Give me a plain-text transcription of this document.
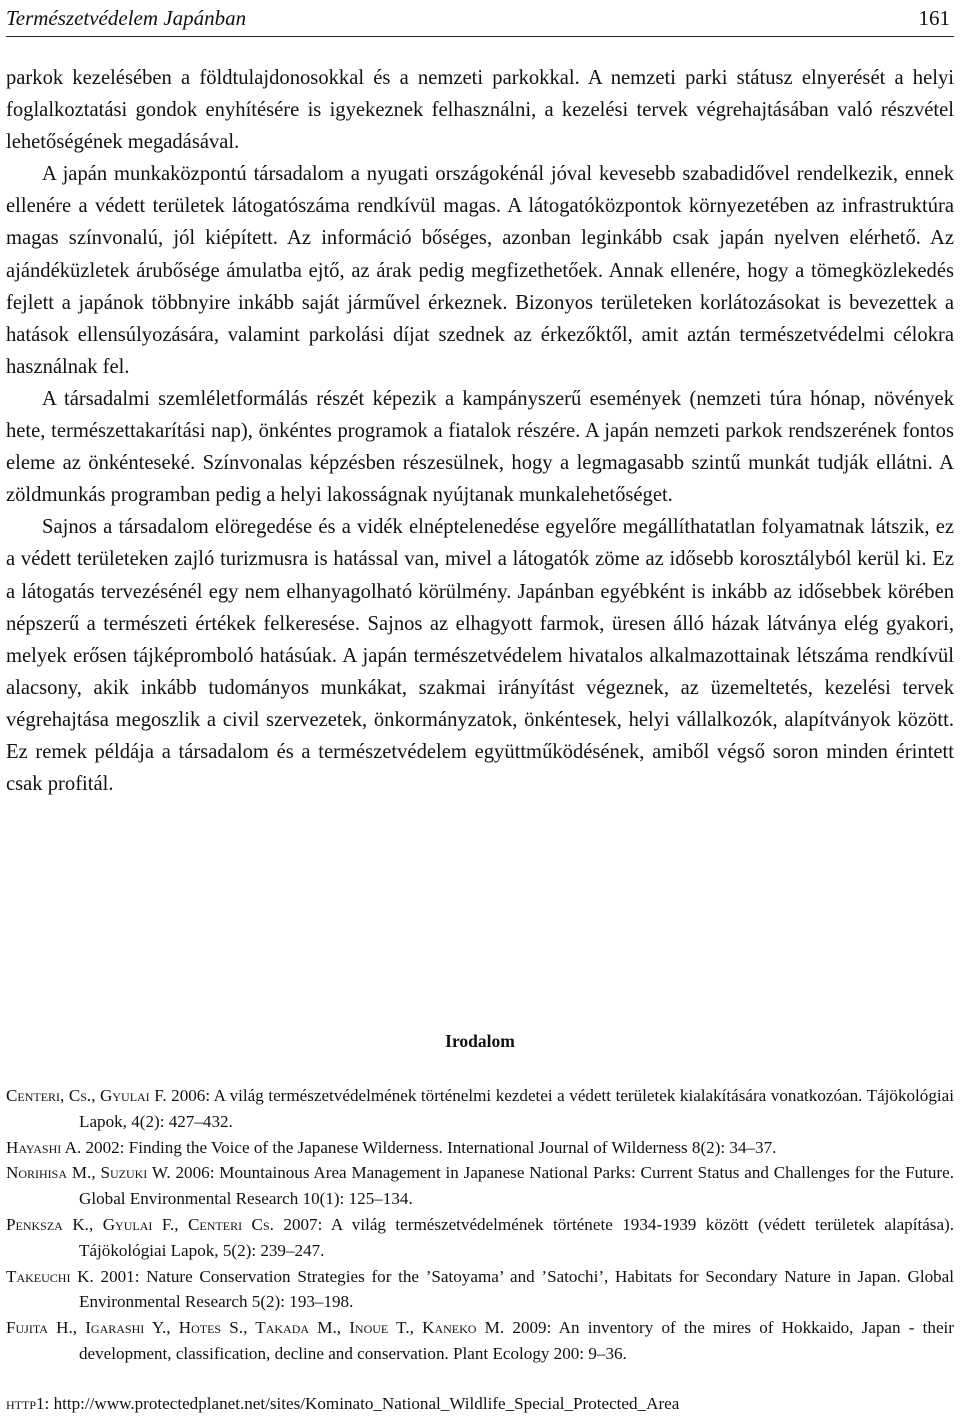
Természetvédelem Japánban	161

parkok kezelésében a földtulajdonosokkal és a nemzeti parkokkal. A nemzeti parki státusz elnyerését a helyi foglalkoztatási gondok enyhítésére is igyekeznek felhasználni, a kezelési tervek végrehajtásában való részvétel lehetőségének megadásával.

A japán munkaközpontú társadalom a nyugati országokénál jóval kevesebb szabadidővel rendelkezik, ennek ellenére a védett területek látogatószáma rendkívül magas. A látogatóközpontok környezetében az infrastruktúra magas színvonalú, jól kiépített. Az információ bőséges, azonban leginkább csak japán nyelven elérhető. Az ajándéküzletek árubősége ámulatba ejtő, az árak pedig megfizethetőek. Annak ellenére, hogy a tömegközlekedés fejlett a japánok többnyire inkább saját járművel érkeznek. Bizonyos területeken korlátozásokat is bevezettek a hatások ellensúlyozására, valamint parkolási díjat szednek az érkezőktől, amit aztán természetvédelmi célokra használnak fel.

A társadalmi szemléletformálás részét képezik a kampányszerű események (nemzeti túra hónap, növények hete, természettakarítási nap), önkéntes programok a fiatalok részére. A japán nemzeti parkok rendszerének fontos eleme az önkénteseké. Színvonalas képzésben részesülnek, hogy a legmagasabb szintű munkát tudják ellátni. A zöldmunkás programban pedig a helyi lakosságnak nyújtanak munkalehetőséget.

Sajnos a társadalom elöregedése és a vidék elnéptelenedése egyelőre megállíthatatlan folyamatnak látszik, ez a védett területeken zajló turizmusra is hatással van, mivel a látogatók zöme az idősebb korosztályból kerül ki. Ez a látogatás tervezésénél egy nem elhanyagolható körülmény. Japánban egyébként is inkább az idősebbek körében népszerű a természeti értékek felkeresése. Sajnos az elhagyott farmok, üresen álló házak látványa elég gyakori, melyek erősen tájképromboló hatásúak. A japán természetvédelem hivatalos alkalmazottainak létszáma rendkívül alacsony, akik inkább tudományos munkákat, szakmai irányítást végeznek, az üzemeltetés, kezelési tervek végrehajtása megoszlik a civil szervezetek, önkormányzatok, önkéntesek, helyi vállalkozók, alapítványok között. Ez remek példája a társadalom és a természetvédelem együttműködésének, amiből végső soron minden érintett csak profitál.

Irodalom

Centeri, Cs., Gyulai F. 2006: A világ természetvédelmének történelmi kezdetei a védett területek kialakítására vonatkozóan. Tájökológiai Lapok, 4(2): 427–432.

Hayashi A. 2002: Finding the Voice of the Japanese Wilderness. International Journal of Wilderness 8(2): 34–37.

Norihisa M., Suzuki W. 2006: Mountainous Area Management in Japanese National Parks: Current Status and Challenges for the Future. Global Environmental Research 10(1): 125–134.

Penksza K., Gyulai F., Centeri Cs. 2007: A világ természetvédelmének története 1934-1939 között (védett területek alapítása). Tájökológiai Lapok, 5(2): 239–247.

Takeuchi K. 2001: Nature Conservation Strategies for the ’Satoyama’ and ’Satochi’, Habitats for Secondary Nature in Japan. Global Environmental Research 5(2): 193–198.

Fujita H., Igarashi Y., Hotes S., Takada M., Inoue T., Kaneko M. 2009: An inventory of the mires of Hokkaido, Japan - their development, classification, decline and conservation. Plant Ecology 200: 9–36.

http1: http://www.protectedplanet.net/sites/Kominato_National_Wildlife_Special_Protected_Area
